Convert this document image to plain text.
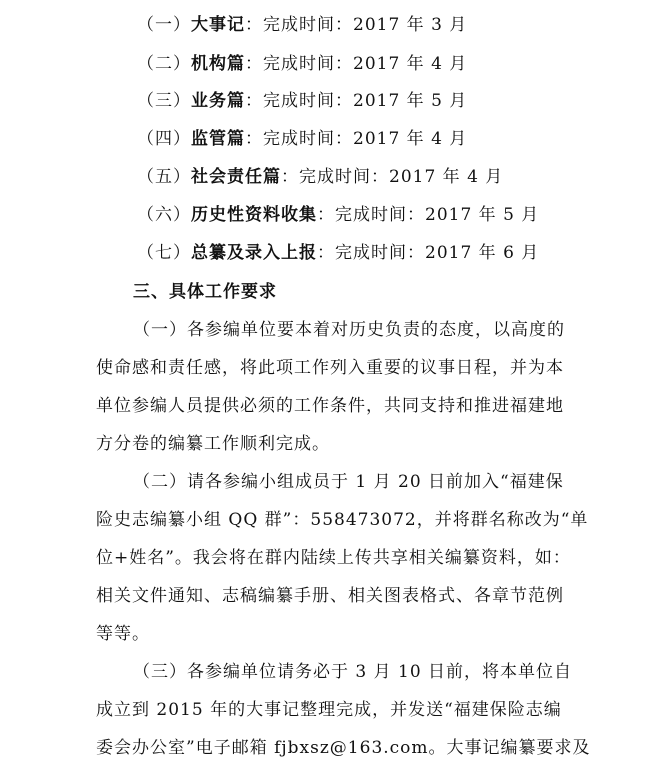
（一）大事记：完成时间：2017 年 3 月
（二）机构篇：完成时间：2017 年 4 月
（三）业务篇：完成时间：2017 年 5 月
（四）监管篇：完成时间：2017 年 4 月
（五）社会责任篇：完成时间：2017 年 4 月
（六）历史性资料收集：完成时间：2017 年 5 月
（七）总纂及录入上报：完成时间：2017 年 6 月
三、具体工作要求
（一）各参编单位要本着对历史负责的态度，以高度的
使命感和责任感，将此项工作列入重要的议事日程，并为本
单位参编人员提供必须的工作条件，共同支持和推进福建地
方分卷的编纂工作顺利完成。
（二）请各参编小组成员于 1 月 20 日前加入“福建保
险史志编纂小组 QQ 群”：558473072，并将群名称改为“单
位+姓名”。我会将在群内陆续上传共享相关编纂资料，如：
相关文件通知、志稿编纂手册、相关图表格式、各章节范例
等等。
（三）各参编单位请务必于 3 月 10 日前，将本单位自
成立到 2015 年的大事记整理完成，并发送“福建保险志编
委会办公室”电子邮箱 fjbxsz@163.com。大事记编纂要求及
